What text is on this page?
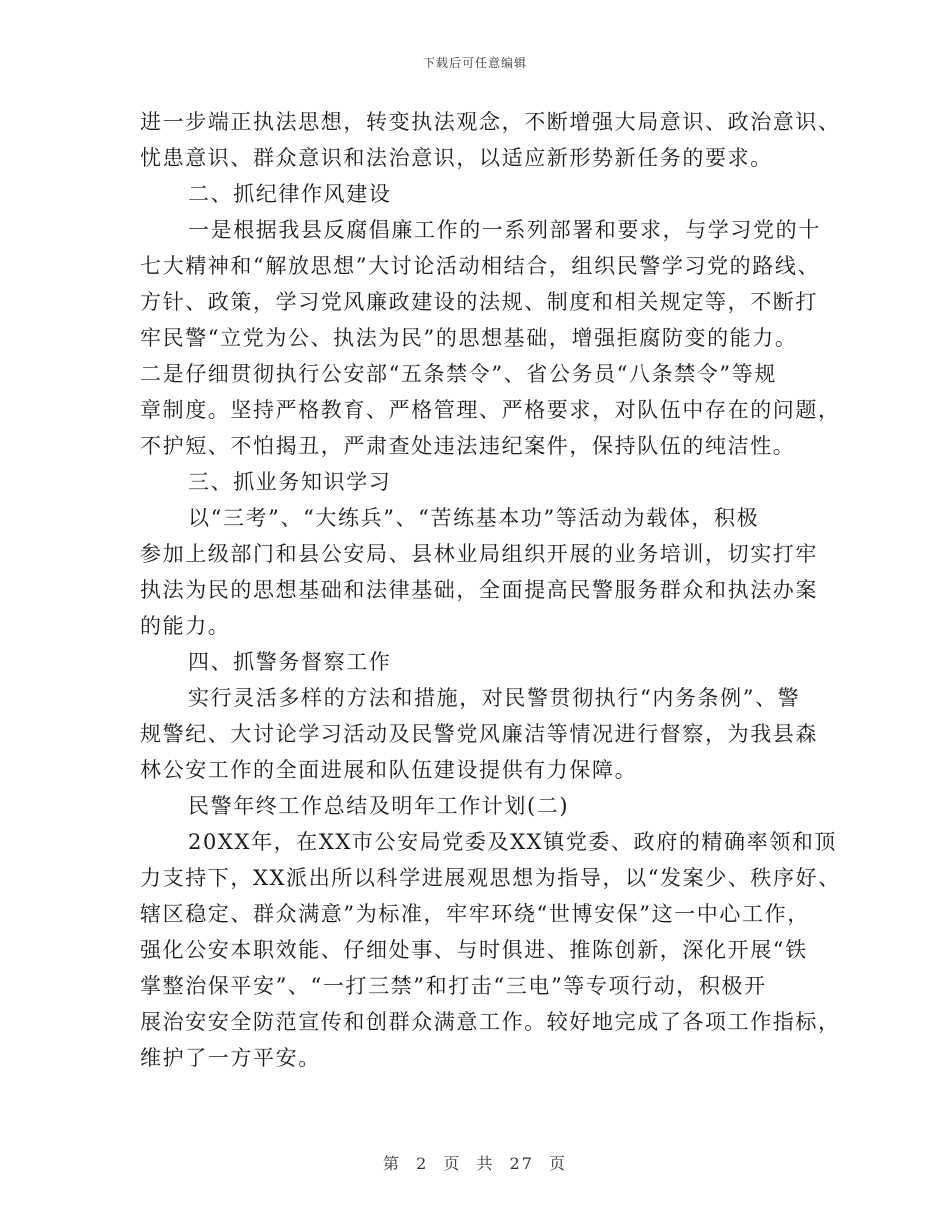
下载后可任意编辑
进一步端正执法思想，转变执法观念，不断增强大局意识、政治意识、
忧患意识、群众意识和法治意识，以适应新形势新任务的要求。
二、抓纪律作风建设
一是根据我县反腐倡廉工作的一系列部署和要求，与学习党的十
七大精神和“解放思想”大讨论活动相结合，组织民警学习党的路线、
方针、政策，学习党风廉政建设的法规、制度和相关规定等，不断打
牢民警“立党为公、执法为民”的思想基础，增强拒腐防变的能力。
二是仔细贯彻执行公安部“五条禁令”、省公务员“八条禁令”等规
章制度。坚持严格教育、严格管理、严格要求，对队伍中存在的问题，
不护短、不怕揭丑，严肃查处违法违纪案件，保持队伍的纯洁性。
三、抓业务知识学习
以“三考”、“大练兵”、“苦练基本功”等活动为载体，积极
参加上级部门和县公安局、县林业局组织开展的业务培训，切实打牢
执法为民的思想基础和法律基础，全面提高民警服务群众和执法办案
的能力。
四、抓警务督察工作
实行灵活多样的方法和措施，对民警贯彻执行“内务条例”、警
规警纪、大讨论学习活动及民警党风廉洁等情况进行督察，为我县森
林公安工作的全面进展和队伍建设提供有力保障。
民警年终工作总结及明年工作计划(二)
20XX年，在XX市公安局党委及XX镇党委、政府的精确率领和顶
力支持下，XX派出所以科学进展观思想为指导，以“发案少、秩序好、
辖区稳定、群众满意”为标准，牢牢环绕“世博安保”这一中心工作，
强化公安本职效能、仔细处事、与时俱进、推陈创新，深化开展“铁
掌整治保平安”、“一打三禁”和打击“三电”等专项行动，积极开
展治安安全防范宣传和创群众满意工作。较好地完成了各项工作指标，
维护了一方平安。
第 2 页 共 27 页
